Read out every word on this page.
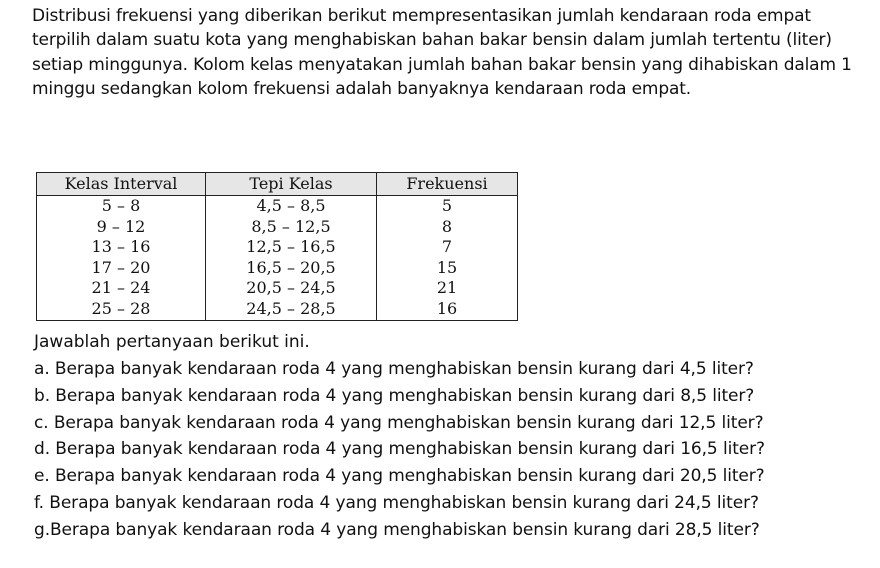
Distribusi frekuensi yang diberikan berikut mempresentasikan jumlah kendaraan roda empat terpilih dalam suatu kota yang menghabiskan bahan bakar bensin dalam jumlah tertentu (liter) setiap minggunya. Kolom kelas menyatakan jumlah bahan bakar bensin yang dihabiskan dalam 1 minggu sedangkan kolom frekuensi adalah banyaknya kendaraan roda empat.

Kelas Interval	Tepi Kelas	Frekuensi
5 – 8	4,5 – 8,5	5
9 – 12	8,5 – 12,5	8
13 – 16	12,5 – 16,5	7
17 – 20	16,5 – 20,5	15
21 – 24	20,5 – 24,5	21
25 – 28	24,5 – 28,5	16

Jawablah pertanyaan berikut ini.

a. Berapa banyak kendaraan roda 4 yang menghabiskan bensin kurang dari 4,5 liter?
b. Berapa banyak kendaraan roda 4 yang menghabiskan bensin kurang dari 8,5 liter?
c. Berapa banyak kendaraan roda 4 yang menghabiskan bensin kurang dari 12,5 liter?
d. Berapa banyak kendaraan roda 4 yang menghabiskan bensin kurang dari 16,5 liter?
e. Berapa banyak kendaraan roda 4 yang menghabiskan bensin kurang dari 20,5 liter?
f. Berapa banyak kendaraan roda 4 yang menghabiskan bensin kurang dari 24,5 liter?
g.Berapa banyak kendaraan roda 4 yang menghabiskan bensin kurang dari 28,5 liter?
